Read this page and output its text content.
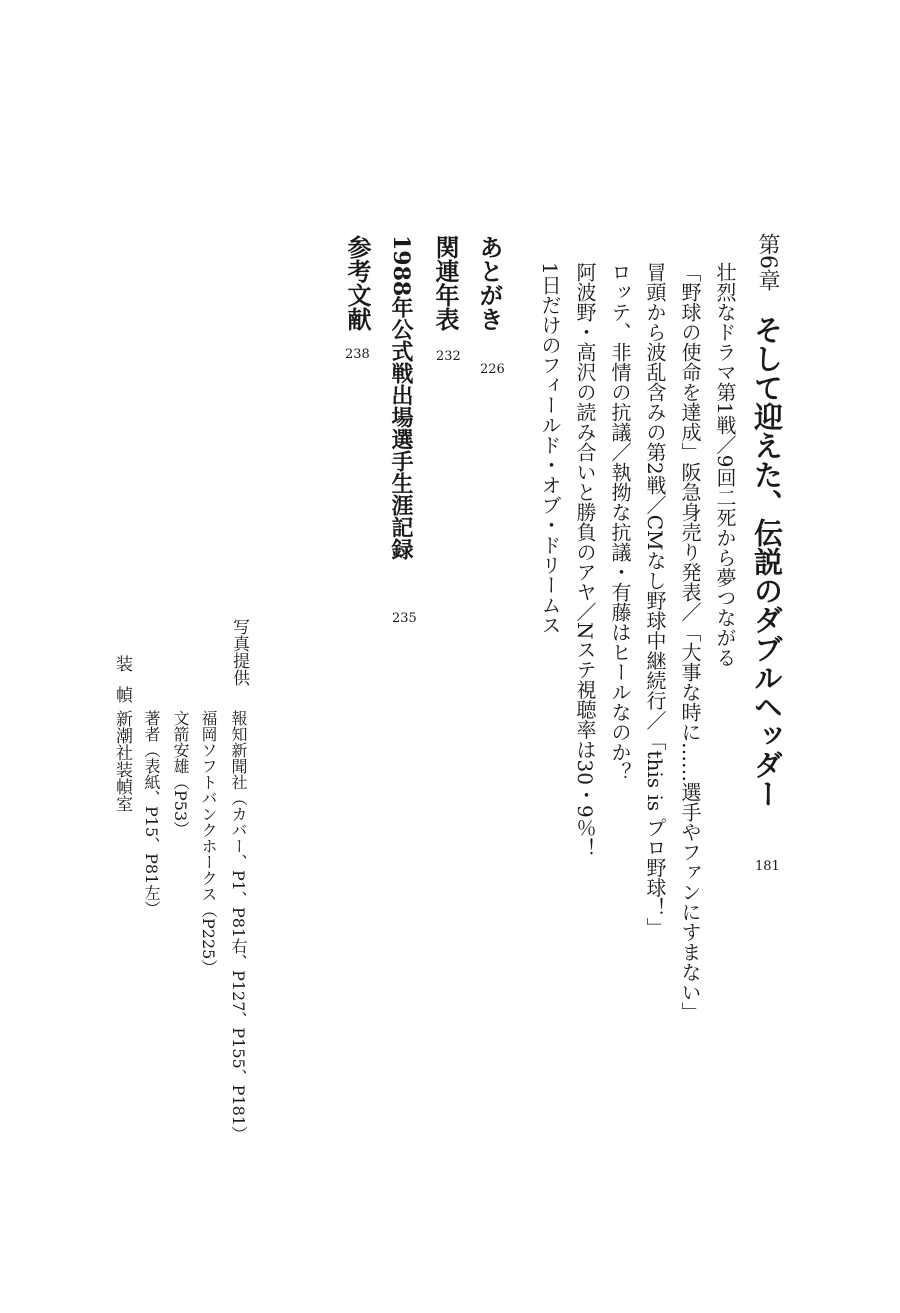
第6章そして迎えた、伝説のダブルヘッダー
181
壮烈なドラマ第1戦／9回二死から夢つながる
「野球の使命を達成」阪急身売り発表／「大事な時に……選手やファンにすまない」
冒頭から波乱含みの第2戦／CMなし野球中継続行／「this is プロ野球！」
ロッテ、非情の抗議／執拗な抗議・有藤はヒールなのか？
阿波野・高沢の読み合いと勝負のアヤ／Nステ視聴率は30・9％！
1日だけのフィールド・オブ・ドリームス
あとがき
226
関連年表
232
1988年公式戦出場選手生涯記録
235
参考文献
238
写真提供
報知新聞社（カバー、P1、P81右、P127、P155、P181）
福岡ソフトバンクホークス（P225）
文箭安雄（P53）
著者（表紙、P15、P81左）
装幀
新潮社装幀室
